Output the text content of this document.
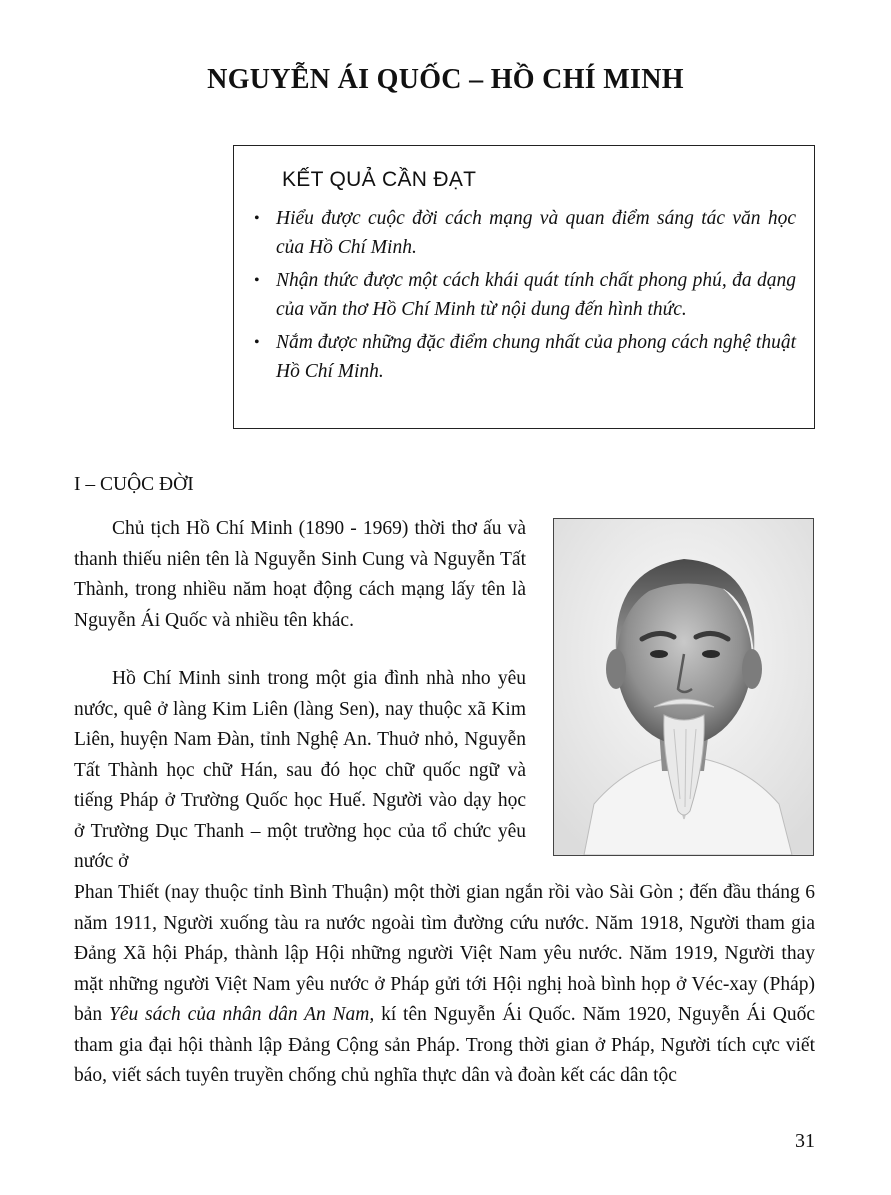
NGUYỄN ÁI QUỐC – HỒ CHÍ MINH
KẾT QUẢ CẦN ĐẠT
• Hiểu được cuộc đời cách mạng và quan điểm sáng tác văn học của Hồ Chí Minh.
• Nhận thức được một cách khái quát tính chất phong phú, đa dạng của văn thơ Hồ Chí Minh từ nội dung đến hình thức.
• Nắm được những đặc điểm chung nhất của phong cách nghệ thuật Hồ Chí Minh.
I – CUỘC ĐỜI

Chủ tịch Hồ Chí Minh (1890 - 1969) thời thơ ấu và thanh thiếu niên tên là Nguyễn Sinh Cung và Nguyễn Tất Thành, trong nhiều năm hoạt động cách mạng lấy tên là Nguyễn Ái Quốc và nhiều tên khác.

Hồ Chí Minh sinh trong một gia đình nhà nho yêu nước, quê ở làng Kim Liên (làng Sen), nay thuộc xã Kim Liên, huyện Nam Đàn, tỉnh Nghệ An. Thuở nhỏ, Nguyễn Tất Thành học chữ Hán, sau đó học chữ quốc ngữ và tiếng Pháp ở Trường Quốc học Huế. Người vào dạy học ở Trường Dục Thanh – một trường học của tổ chức yêu nước ở

Phan Thiết (nay thuộc tỉnh Bình Thuận) một thời gian ngắn rồi vào Sài Gòn ; đến đầu tháng 6 năm 1911, Người xuống tàu ra nước ngoài tìm đường cứu nước. Năm 1918, Người tham gia Đảng Xã hội Pháp, thành lập Hội những người Việt Nam yêu nước. Năm 1919, Người thay mặt những người Việt Nam yêu nước ở Pháp gửi tới Hội nghị hoà bình họp ở Véc-xay (Pháp) bản Yêu sách của nhân dân An Nam, kí tên Nguyễn Ái Quốc. Năm 1920, Nguyễn Ái Quốc tham gia đại hội thành lập Đảng Cộng sản Pháp. Trong thời gian ở Pháp, Người tích cực viết báo, viết sách tuyên truyền chống chủ nghĩa thực dân và đoàn kết các dân tộc

31
